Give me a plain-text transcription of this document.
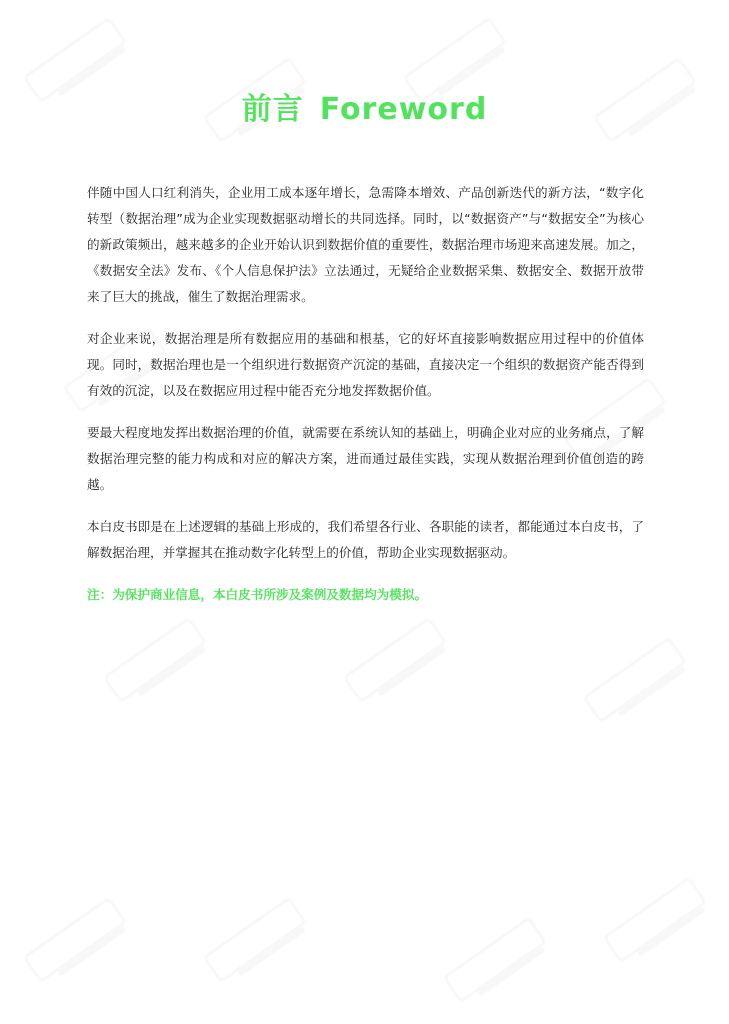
前言 Foreword

伴随中国人口红利消失，企业用工成本逐年增长，急需降本增效、产品创新迭代的新方法，“数字化转型（数据治理”成为企业实现数据驱动增长的共同选择。同时，以“数据资产”与“数据安全”为核心的新政策频出，越来越多的企业开始认识到数据价值的重要性，数据治理市场迎来高速发展。加之，《数据安全法》发布、《个人信息保护法》立法通过，无疑给企业数据采集、数据安全、数据开放带来了巨大的挑战，催生了数据治理需求。

对企业来说，数据治理是所有数据应用的基础和根基，它的好坏直接影响数据应用过程中的价值体现。同时，数据治理也是一个组织进行数据资产沉淀的基础，直接决定一个组织的数据资产能否得到有效的沉淀，以及在数据应用过程中能否充分地发挥数据价值。

要最大程度地发挥出数据治理的价值，就需要在系统认知的基础上，明确企业对应的业务痛点，了解数据治理完整的能力构成和对应的解决方案，进而通过最佳实践，实现从数据治理到价值创造的跨越。

本白皮书即是在上述逻辑的基础上形成的，我们希望各行业、各职能的读者，都能通过本白皮书，了解数据治理，并掌握其在推动数字化转型上的价值，帮助企业实现数据驱动。

注：为保护商业信息，本白皮书所涉及案例及数据均为模拟。
